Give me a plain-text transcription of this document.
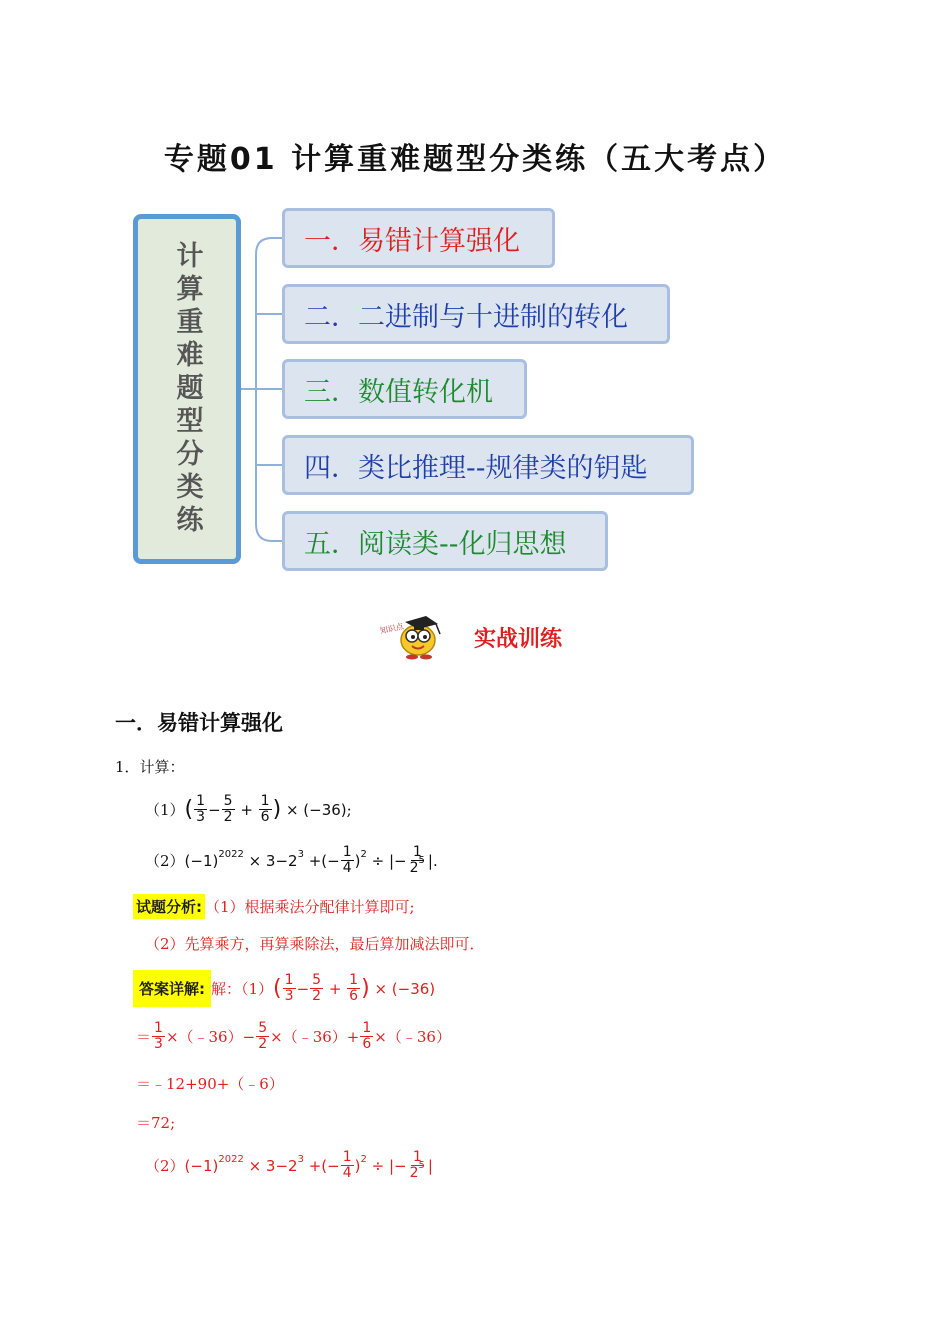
专题01 计算重难题型分类练（五大考点）
计算重难题型分类练	一．易错计算强化
二．二进制与十进制的转化
三．数值转化机
四．类比推理--规律类的钥匙
五．阅读类--化归思想
知识点	实战训练
一．易错计算强化
1．计算：
（1） ( $\frac{1}{3} - \frac{5}{2} + \frac{1}{6}$ ) × (−36) ;
（2） $(-1)^{2022} \times 3-2^3$ +(− $\frac{1}{4} )^2$ ÷ |− $\frac{1}{2^5}$ |.
试题分析: （1）根据乘法分配律计算即可;
（2）先算乘方，再算乘除法，最后算加减法即可．
答案详解: 解：（1） ( $\frac{1}{3} - \frac{5}{2} + \frac{1}{6}$ ) × (−36)
＝ $\frac{1}{3}$ × （﹣36） − $\frac{5}{2}$ × （﹣36） + $\frac{1}{6}$ × （﹣36）
＝﹣12+90+（﹣6）
＝72;
（2） $(-1)^{2022} \times 3-2^3$ +(− $\frac{1}{4} )^2$ ÷ |− $\frac{1}{2^5}$ |
